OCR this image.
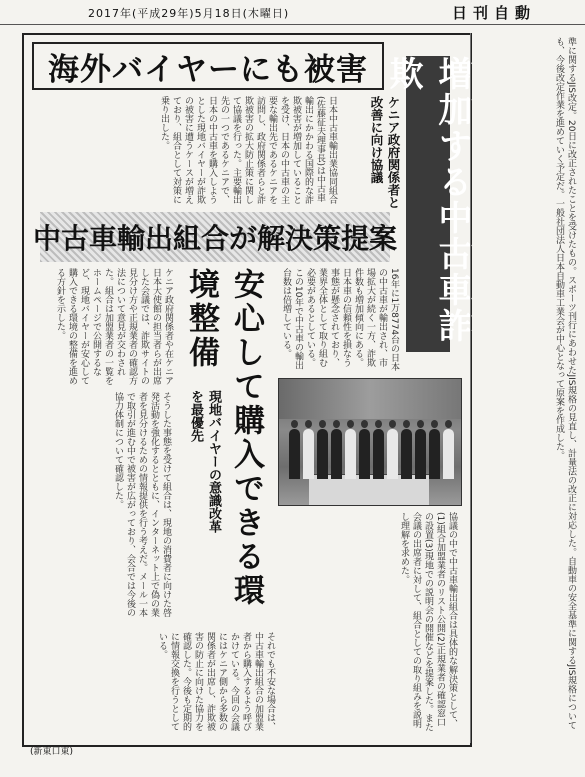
2017年(平成29年)5月18日(木曜日)	日刊自動
海外バイヤーにも被害	増加する中古車詐欺
ケニア政府関係者と改善に向け協議
中古車輸出組合が解決策提案
安心して購入できる環境整備
現地バイヤーの意識改革を最優先
日本中古車輸出業協同組合(佐藤征夫理事長)は中古車輸出にかかわる国際的な詐欺被害が増加していることを受け、日本の中古車の主要な輸出先であるケニアを訪問し、政府関係者らと詐欺被害の拡大防止策に関して協議を行った。主要輸出先の一つであるケニアで、日本の中古車を購入しようとした現地バイヤーが詐欺の被害に遭うケースが増えており、組合として対策に乗り出した。
16年に1万8774台の日本の中古車が輸出され、市場拡大が続く一方、詐欺件数も増加傾向にある。日本車の信頼性を損なう事態が懸念されており、業界全体として取り組む必要があるとしている。この10年で中古車の輸出台数は倍増している。
ケニア政府関係者や在ケニア日本大使館の担当者らが出席した会議では、詐欺サイトの見分け方や正規業者の確認方法について意見が交わされた。組合は加盟業者の一覧をホームページで公開するなど、現地バイヤーが安心して購入できる環境の整備を進める方針を示した。
そうした事態を受けて組合は、現地の消費者に向けた啓発活動を強化するとともに、インターネット上で偽の業者を見分けるための情報提供を行う考えだ。メール一本で取引が進む中で被害が広がっており、会合では今後の協力体制について確認した。
協議の中で中古車輸出組合は具体的な解決策として、(1)組合加盟業者のリスト公開(2)正規業者の確認窓口の設置(3)現地での説明会の開催などを提案した。また会議の出席者に対して、組合としての取り組みを説明し理解を求めた。
それでも不安な場合は、中古車輸出組合の加盟業者から購入するよう呼びかけている。今回の会議にはケニア側から多数の関係者が出席し、詐欺被害の防止に向けた協力を確認した。今後も定期的に情報交換を行うとしている。	準に関するJIS改定。20日に改正されたことを受けたもの。スポーツ刊行にあわせたJIS規格の見直し、計量法の改正に対応した。自動車の安全基準に関するJIS規格についても、今後改定作業を進めていく予定だ。一般社団法人日本自動車工業会が中心となって原案を作成した。
(新東口東)
